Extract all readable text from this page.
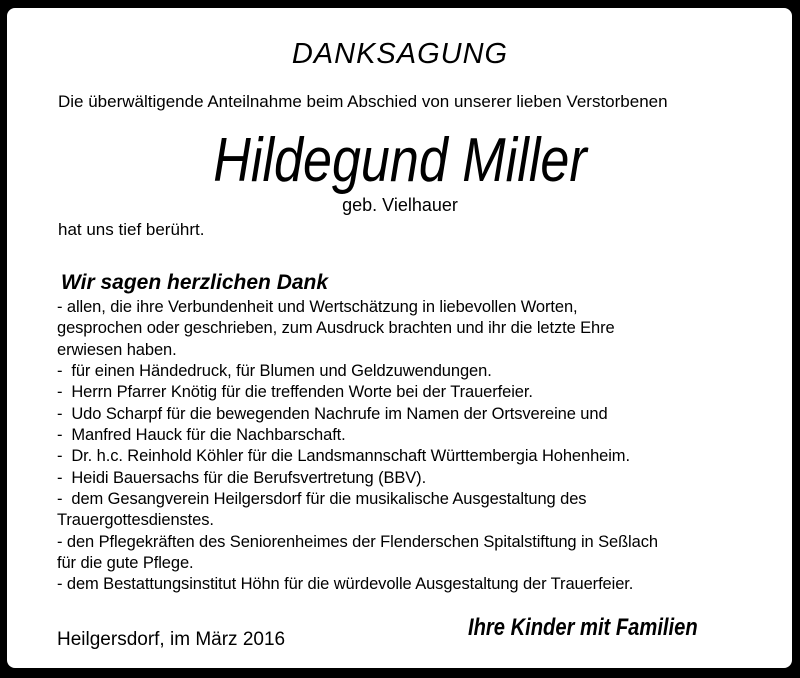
DANKSAGUNG
Die überwältigende Anteilnahme beim Abschied von unserer lieben Verstorbenen
Hildegund Miller
geb. Vielhauer
hat uns tief berührt.
Wir sagen herzlichen Dank
- allen, die ihre Verbundenheit und Wertschätzung in liebevollen Worten,
gesprochen oder geschrieben, zum Ausdruck brachten und ihr die letzte Ehre
erwiesen haben.
-  für einen Händedruck, für Blumen und Geldzuwendungen.
-  Herrn Pfarrer Knötig für die treffenden Worte bei der Trauerfeier.
-  Udo Scharpf für die bewegenden Nachrufe im Namen der Ortsvereine und
-  Manfred Hauck für die Nachbarschaft.
-  Dr. h.c. Reinhold Köhler für die Landsmannschaft Württembergia Hohenheim.
-  Heidi Bauersachs für die Berufsvertretung (BBV).
-  dem Gesangverein Heilgersdorf für die musikalische Ausgestaltung des
Trauergottesdienstes.
- den Pflegekräften des Seniorenheimes der Flenderschen Spitalstiftung in Seßlach
für die gute Pflege.
- dem Bestattungsinstitut Höhn für die würdevolle Ausgestaltung der Trauerfeier.
Heilgersdorf, im März 2016	Ihre Kinder mit Familien
